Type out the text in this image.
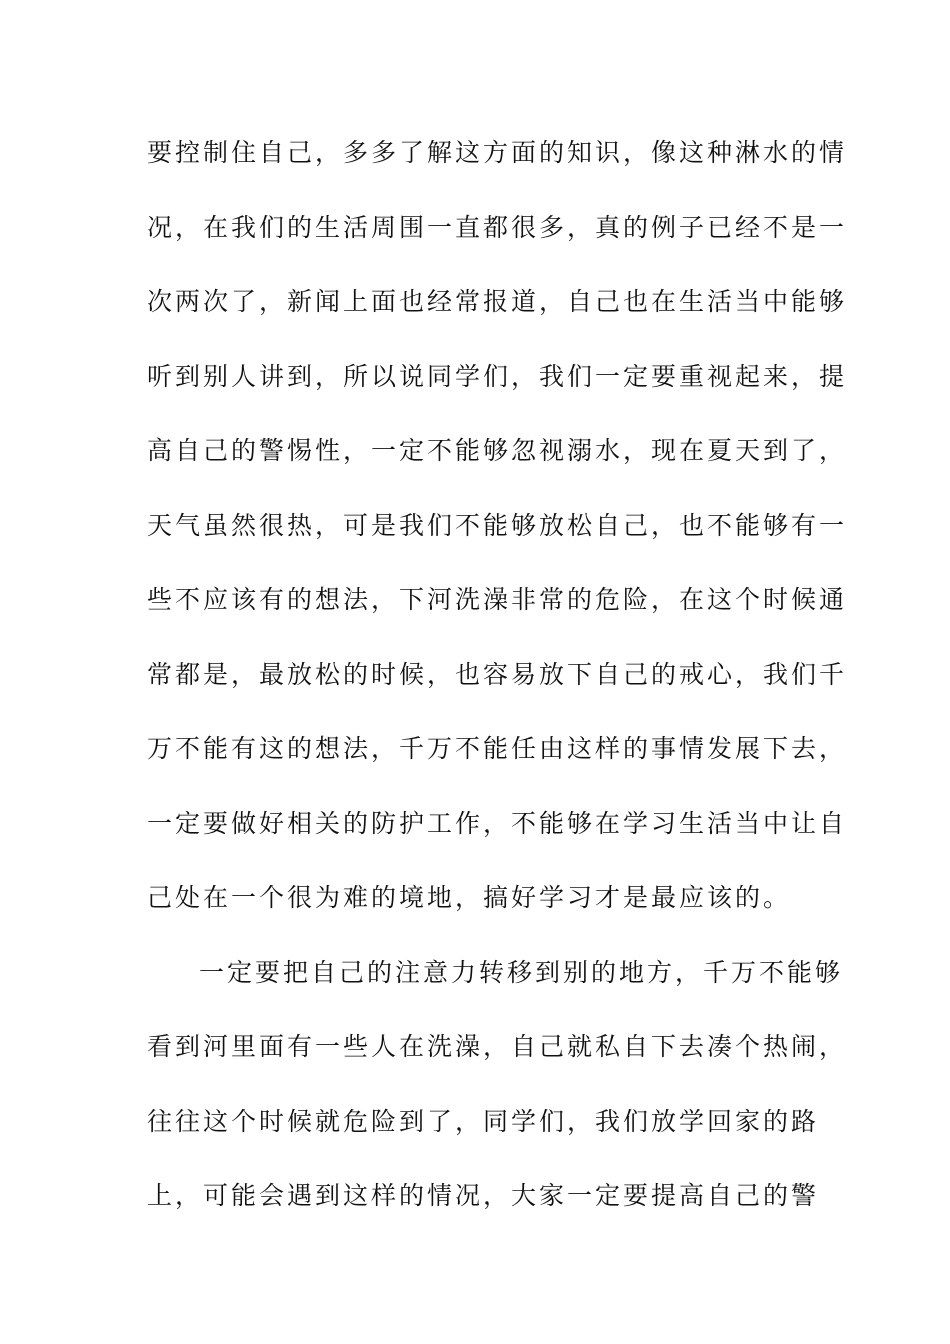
要控制住自己，多多了解这方面的知识，像这种淋水的情
况，在我们的生活周围一直都很多，真的例子已经不是一
次两次了，新闻上面也经常报道，自己也在生活当中能够
听到别人讲到，所以说同学们，我们一定要重视起来，提
高自己的警惕性，一定不能够忽视溺水，现在夏天到了，
天气虽然很热，可是我们不能够放松自己，也不能够有一
些不应该有的想法，下河洗澡非常的危险，在这个时候通
常都是，最放松的时候，也容易放下自己的戒心，我们千
万不能有这的想法，千万不能任由这样的事情发展下去，
一定要做好相关的防护工作，不能够在学习生活当中让自
己处在一个很为难的境地，搞好学习才是最应该的。
一定要把自己的注意力转移到别的地方，千万不能够
看到河里面有一些人在洗澡，自己就私自下去凑个热闹，
往往这个时候就危险到了，同学们，我们放学回家的路
上，可能会遇到这样的情况，大家一定要提高自己的警
